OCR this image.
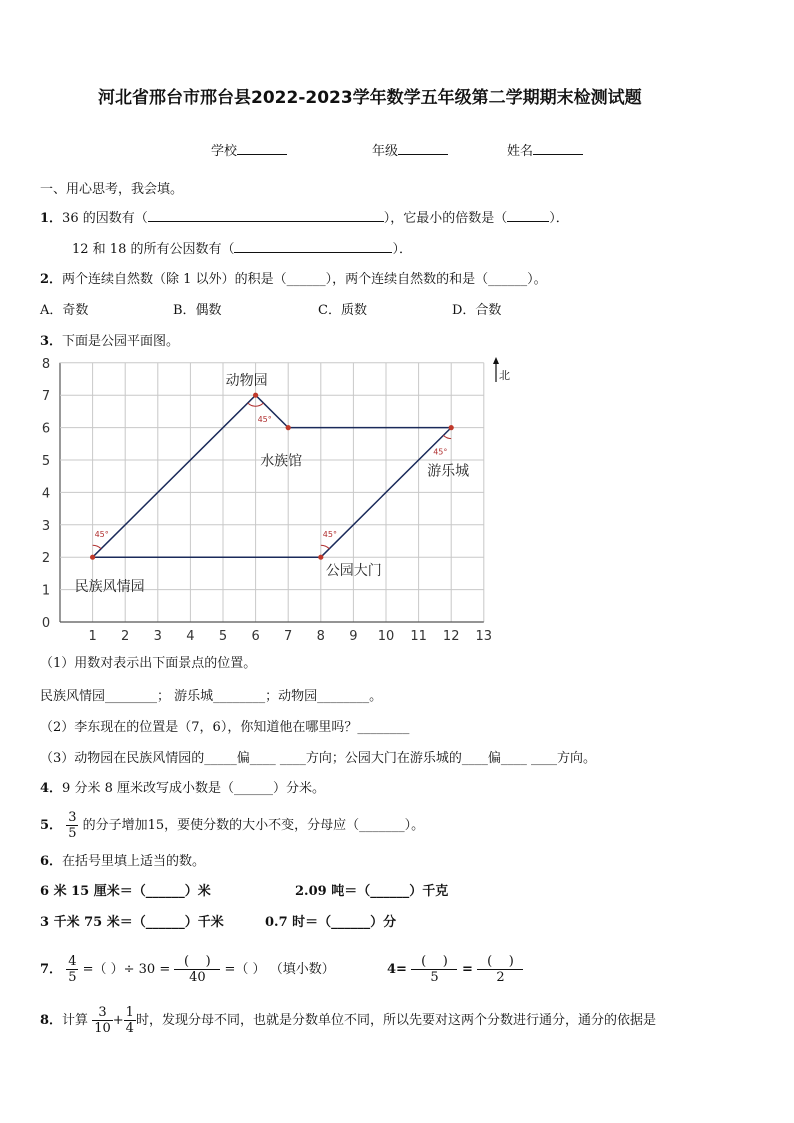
河北省邢台市邢台县2022-2023学年数学五年级第二学期期末检测试题
学校	年级	姓名
一、用心思考，我会填。
1．36 的因数有（	），它最小的倍数是（	）．
12 和 18 的所有公因数有（	）．
2．两个连续自然数（除 1 以外）的积是（______），两个连续自然数的和是（______）。
A．奇数	B．偶数	C．质数	D．合数
3．下面是公园平面图。
1 2 3 4 5 6 7 8 9 10 11 12 13
0
1
2
3
4
5
6
7
8
45°	45°
45°
45°
民族风情园
动物园
水族馆
游乐城
公园大门
北
（1）用数对表示出下面景点的位置。
民族风情园________； 游乐城________；动物园________。
（2）李东现在的位置是（7，6），你知道他在哪里吗？________
（3）动物园在民族风情园的_____偏____ ____方向；公园大门在游乐城的____偏____ ____方向。
4．9 分米 8 厘米改写成小数是（______）分米。
5． $\frac{3}{5}$ 的分子增加15，要使分数的大小不变，分母应（_______）。
6．在括号里填上适当的数。
6 米 15 厘米＝（______）米	2.09 吨＝（______）千克
3 千米 75 米＝（______）千米	0.7 时＝（______）分
7． $\frac{4}{5}$ =（ ）÷ $30 = \frac{( )}{40}$ =（ ） （填小数）	$4= \frac{( )}{5} = \frac{( )}{2}$
8．计算 $\frac{3}{10} + \frac{1}{4}$ 时，发现分母不同，也就是分数单位不同，所以先要对这两个分数进行通分，通分的依据是
